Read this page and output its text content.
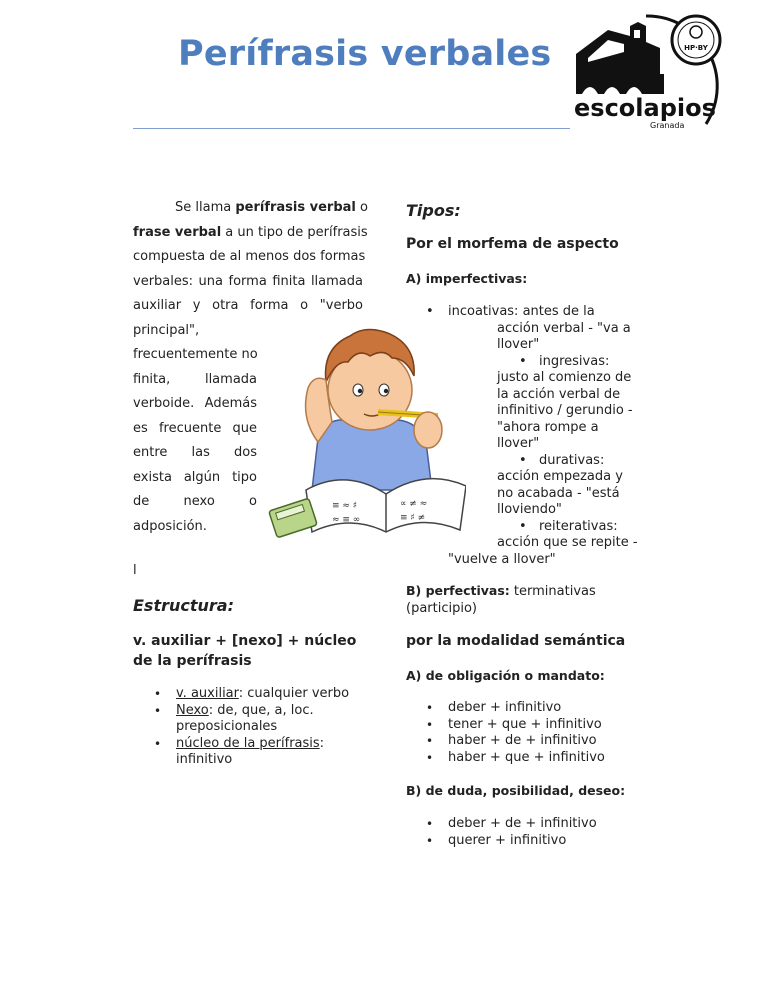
Perífrasis verbales	HP·BY
escolapios
Granada
Se llama perífrasis verbal o
frase verbal a un tipo de perífrasis
compuesta de al menos dos formas
verbales: una forma finita llamada
auxiliar y otra forma o "verbo
principal",
frecuentemente no
finita, llamada
verboide. Además
es frecuente que
entre las dos
exista algún tipo
de nexo o
adposición.
l
≡ ≈ ♯
≈ ≡ ∞
∝ ≠ ≈
≡ ♯ ≠
Estructura:
v. auxiliar + [nexo] + núcleo
de la perífrasis
• v. auxiliar: cualquier verbo
• Nexo: de, que, a, loc.
preposicionales
• núcleo de la perífrasis:
infinitivo
Tipos:
Por el morfema de aspecto
A) imperfectivas:
• incoativas: antes de la
acción verbal - "va a
llover"
• ingresivas:
justo al comienzo de
la acción verbal de
infinitivo / gerundio -
"ahora rompe a
llover"
• durativas:
acción empezada y
no acabada - "está
lloviendo"
• reiterativas:
acción que se repite -
"vuelve a llover"
B) perfectivas: terminativas
(participio)
por la modalidad semántica
A) de obligación o mandato:
• deber + infinitivo
• tener + que + infinitivo
• haber + de + infinitivo
• haber + que + infinitivo
B) de duda, posibilidad, deseo:
• deber + de + infinitivo
• querer + infinitivo
